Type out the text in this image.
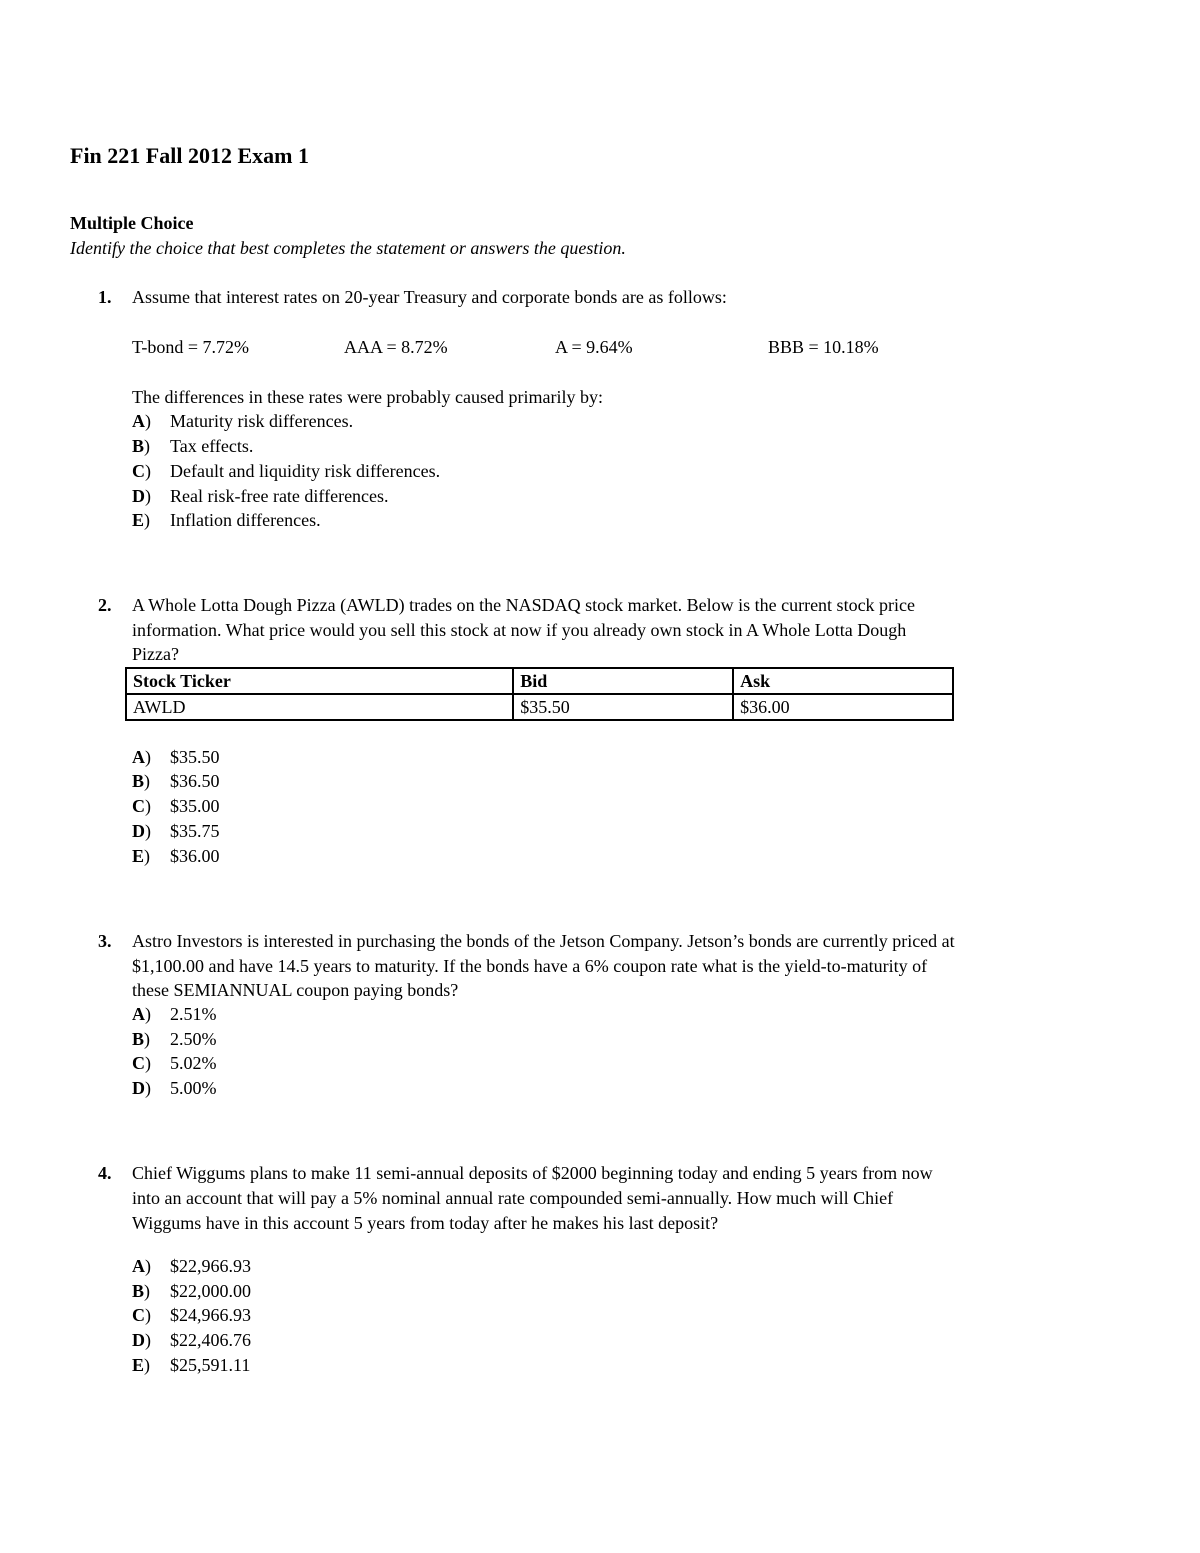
Fin 221 Fall 2012 Exam 1
Multiple Choice
Identify the choice that best completes the statement or answers the question.
1. Assume that interest rates on 20-year Treasury and corporate bonds are as follows:
T-bond = 7.72%	AAA = 8.72%	A = 9.64%	BBB = 10.18%
The differences in these rates were probably caused primarily by:
A) Maturity risk differences.
B) Tax effects.
C) Default and liquidity risk differences.
D) Real risk-free rate differences.
E) Inflation differences.
2. A Whole Lotta Dough Pizza (AWLD) trades on the NASDAQ stock market. Below is the current stock price
information. What price would you sell this stock at now if you already own stock in A Whole Lotta Dough
Pizza?
Stock Ticker	Bid	Ask
AWLD	$35.50	$36.00
A) $35.50
B) $36.50
C) $35.00
D) $35.75
E) $36.00
3. Astro Investors is interested in purchasing the bonds of the Jetson Company. Jetson’s bonds are currently priced at
$1,100.00 and have 14.5 years to maturity. If the bonds have a 6% coupon rate what is the yield-to-maturity of
these SEMIANNUAL coupon paying bonds?
A) 2.51%
B) 2.50%
C) 5.02%
D) 5.00%
4. Chief Wiggums plans to make 11 semi-annual deposits of $2000 beginning today and ending 5 years from now
into an account that will pay a 5% nominal annual rate compounded semi-annually. How much will Chief
Wiggums have in this account 5 years from today after he makes his last deposit?
A) $22,966.93
B) $22,000.00
C) $24,966.93
D) $22,406.76
E) $25,591.11
